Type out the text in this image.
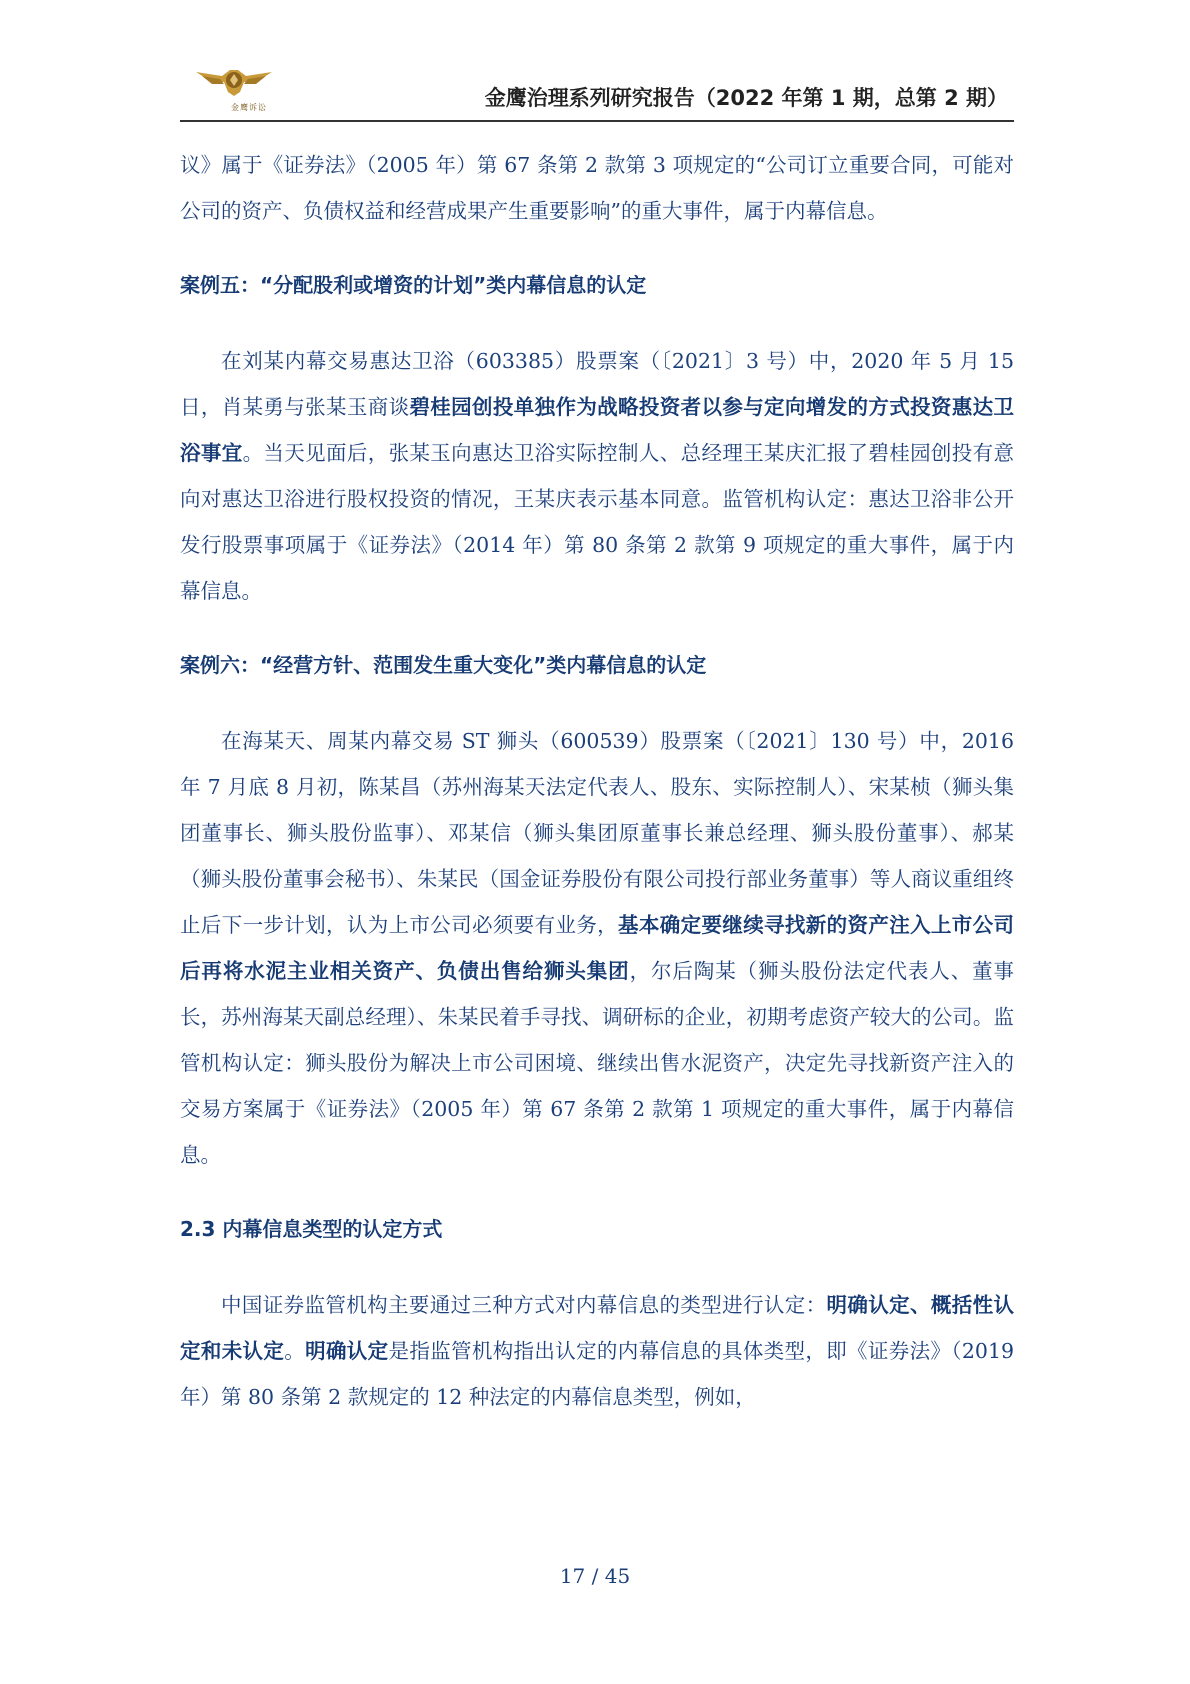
金鹰诉讼	金鹰治理系列研究报告（2022 年第 1 期，总第 2 期）

议》属于《证券法》（2005 年）第 67 条第 2 款第 3 项规定的“公司订立重要合同，可能对公司的资产、负债权益和经营成果产生重要影响”的重大事件，属于内幕信息。

案例五：“分配股利或增资的计划”类内幕信息的认定

在刘某内幕交易惠达卫浴（603385）股票案（〔2021〕3 号）中，2020 年 5 月 15 日，肖某勇与张某玉商谈碧桂园创投单独作为战略投资者以参与定向增发的方式投资惠达卫浴事宜。当天见面后，张某玉向惠达卫浴实际控制人、总经理王某庆汇报了碧桂园创投有意向对惠达卫浴进行股权投资的情况，王某庆表示基本同意。监管机构认定：惠达卫浴非公开发行股票事项属于《证券法》（2014 年）第 80 条第 2 款第 9 项规定的重大事件，属于内幕信息。

案例六：“经营方针、范围发生重大变化”类内幕信息的认定

在海某天、周某内幕交易 ST 狮头（600539）股票案（〔2021〕130 号）中，2016 年 7 月底 8 月初，陈某昌（苏州海某天法定代表人、股东、实际控制人）、宋某桢（狮头集团董事长、狮头股份监事）、邓某信（狮头集团原董事长兼总经理、狮头股份董事）、郝某（狮头股份董事会秘书）、朱某民（国金证券股份有限公司投行部业务董事）等人商议重组终止后下一步计划，认为上市公司必须要有业务，基本确定要继续寻找新的资产注入上市公司后再将水泥主业相关资产、负债出售给狮头集团，尔后陶某（狮头股份法定代表人、董事长，苏州海某天副总经理）、朱某民着手寻找、调研标的企业，初期考虑资产较大的公司。监管机构认定：狮头股份为解决上市公司困境、继续出售水泥资产，决定先寻找新资产注入的交易方案属于《证券法》（2005 年）第 67 条第 2 款第 1 项规定的重大事件，属于内幕信息。

2.3 内幕信息类型的认定方式

中国证券监管机构主要通过三种方式对内幕信息的类型进行认定：明确认定、概括性认定和未认定。明确认定是指监管机构指出认定的内幕信息的具体类型，即《证券法》（2019 年）第 80 条第 2 款规定的 12 种法定的内幕信息类型，例如，

17 / 45
